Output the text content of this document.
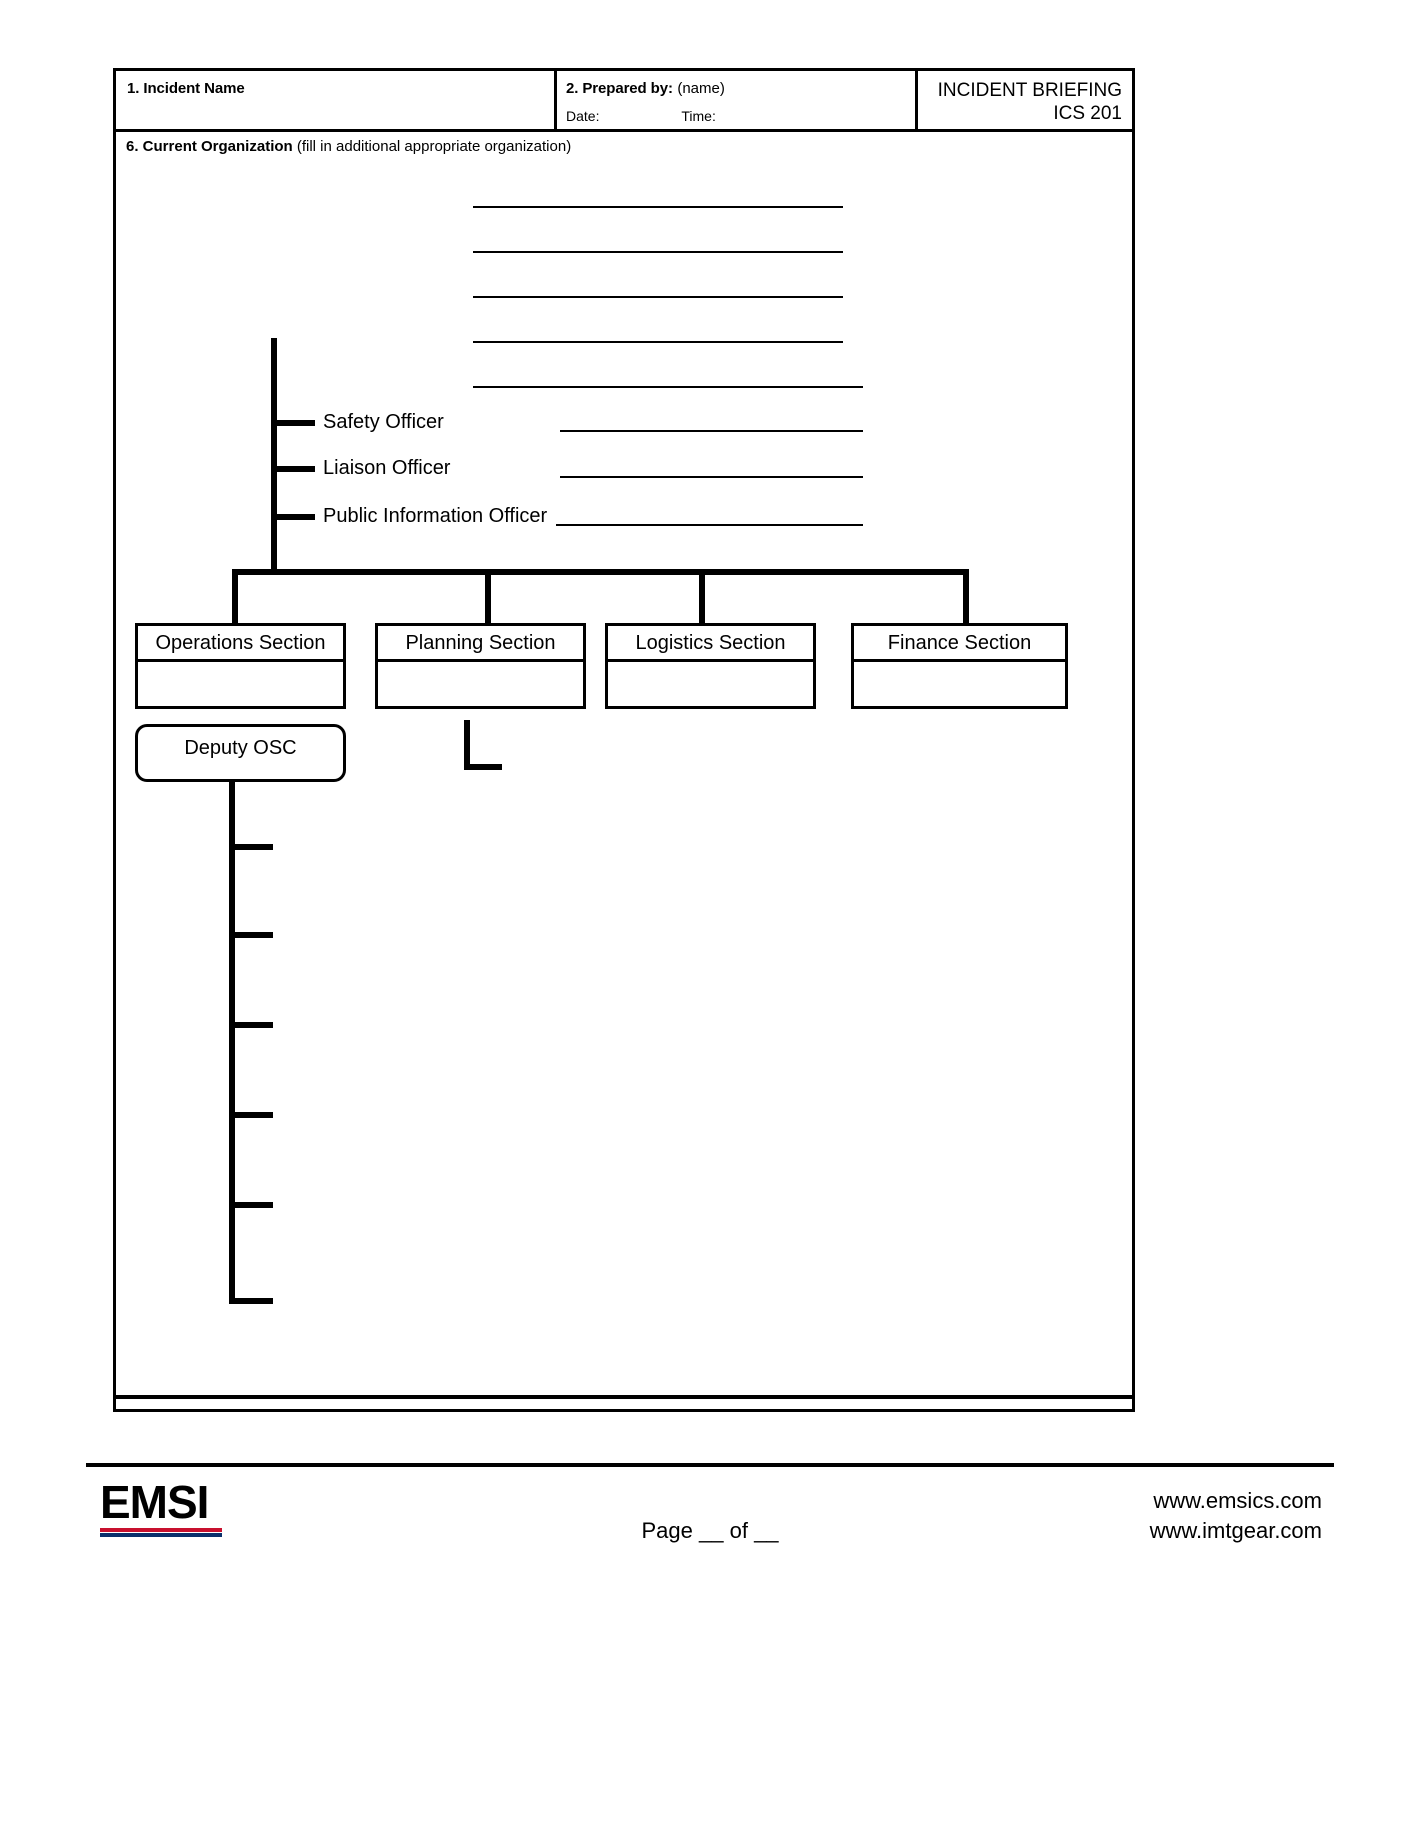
1. Incident Name	2. Prepared by: (name)
Date:	Time:
INCIDENT BRIEFING
ICS 201
6. Current Organization (fill in additional appropriate organization)
Safety Officer
Liaison Officer
Public Information Officer
Operations Section	Planning Section	Logistics Section	Finance Section
Deputy OSC
EMSI
Page __ of __
www.emsics.com
www.imtgear.com
